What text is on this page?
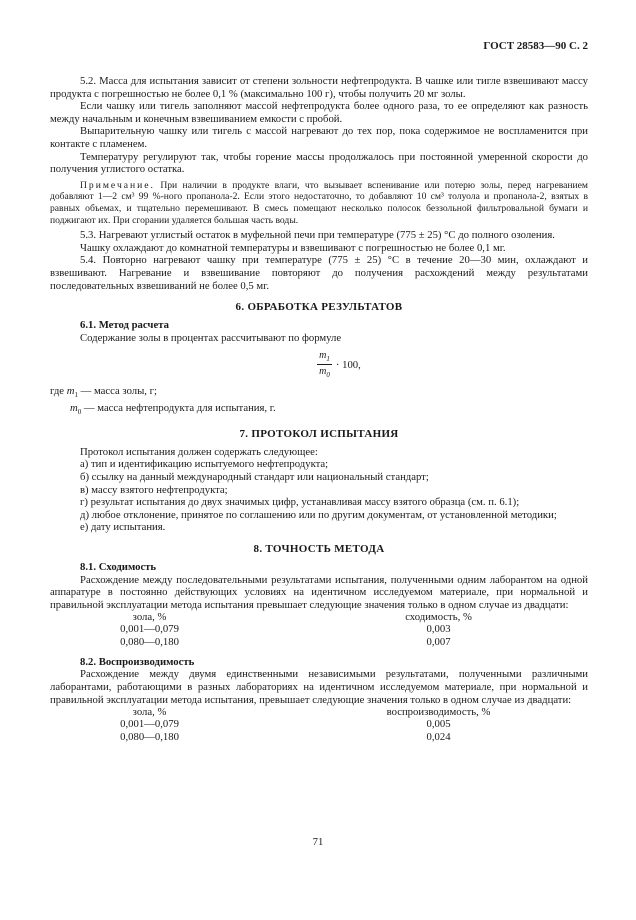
ГОСТ 28583—90 С. 2

5.2. Масса для испытания зависит от степени зольности нефтепродукта. В чашке или тигле взвешивают массу продукта с погрешностью не более 0,1 % (максимально 100 г), чтобы получить 20 мг золы.

Если чашку или тигель заполняют массой нефтепродукта более одного раза, то ее определяют как разность между начальным и конечным взвешиванием емкости с пробой.

Выпарительную чашку или тигель с массой нагревают до тех пор, пока содержимое не воспламенится при контакте с пламенем.

Температуру регулируют так, чтобы горение массы продолжалось при постоянной умеренной скорости до получения углистого остатка.

Примечание. При наличии в продукте влаги, что вызывает вспенивание или потерю золы, перед нагреванием добавляют 1—2 см³ 99 %-ного пропанола-2. Если этого недостаточно, то добавляют 10 см³ толуола и пропанола-2, взятых в равных объемах, и тщательно перемешивают. В смесь помещают несколько полосок беззольной фильтровальной бумаги и поджигают их. При сгорании удаляется большая часть воды.

5.3. Нагревают углистый остаток в муфельной печи при температуре (775 ± 25) °С до полного озоления.

Чашку охлаждают до комнатной температуры и взвешивают с погрешностью не более 0,1 мг.

5.4. Повторно нагревают чашку при температуре (775 ± 25) °С в течение 20—30 мин, охлаждают и взвешивают. Нагревание и взвешивание повторяют до получения расхождений между результатами последовательных взвешиваний не более 0,5 мг.

6. ОБРАБОТКА РЕЗУЛЬТАТОВ
6.1. Метод расчета

Содержание золы в процентах рассчитывают по формуле

$\frac{m_1}{m_0} \cdot 100$,

где $m_1$ — масса золы, г;

$m_0$ — масса нефтепродукта для испытания, г.

7. ПРОТОКОЛ ИСПЫТАНИЯ

Протокол испытания должен содержать следующее:

а) тип и идентификацию испытуемого нефтепродукта;

б) ссылку на данный международный стандарт или национальный стандарт;

в) массу взятого нефтепродукта;

г) результат испытания до двух значимых цифр, устанавливая массу взятого образца (см. п. 6.1);

д) любое отклонение, принятое по соглашению или по другим документам, от установленной методики;

е) дату испытания.

8. ТОЧНОСТЬ МЕТОДА
8.1. Сходимость

Расхождение между последовательными результатами испытания, полученными одним лаборантом на одной аппаратуре в постоянно действующих условиях на идентичном исследуемом материале, при нормальной и правильной эксплуатации метода испытания превышает следующие значения только в одном случае из двадцати:

зола, %	сходимость, %
0,001—0,079	0,003
0,080—0,180	0,007
8.2. Воспроизводимость

Расхождение между двумя единственными независимыми результатами, полученными различными лаборантами, работающими в разных лабораториях на идентичном исследуемом материале, при нормальной и правильной эксплуатации метода испытания, превышает следующие значения только в одном случае из двадцати:

зола, %	воспроизводимость, %
0,001—0,079	0,005
0,080—0,180	0,024
71
